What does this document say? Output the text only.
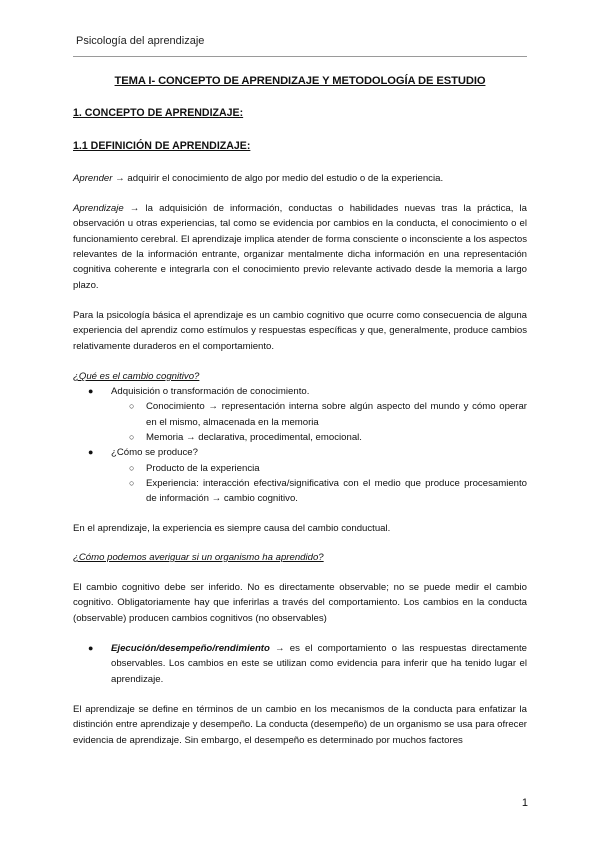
Psicología del aprendizaje
TEMA I- CONCEPTO DE APRENDIZAJE Y METODOLOGÍA DE ESTUDIO
1. CONCEPTO DE APRENDIZAJE:
1.1 DEFINICIÓN DE APRENDIZAJE:

Aprender → adquirir el conocimiento de algo por medio del estudio o de la experiencia.

Aprendizaje → la adquisición de información, conductas o habilidades nuevas tras la práctica, la observación u otras experiencias, tal como se evidencia por cambios en la conducta, el conocimiento o el funcionamiento cerebral. El aprendizaje implica atender de forma consciente o inconsciente a los aspectos relevantes de la información entrante, organizar mentalmente dicha información en una representación cognitiva coherente e integrarla con el conocimiento previo relevante activado desde la memoria a largo plazo.

Para la psicología básica el aprendizaje es un cambio cognitivo que ocurre como consecuencia de alguna experiencia del aprendiz como estímulos y respuestas específicas y que, generalmente, produce cambios relativamente duraderos en el comportamiento.

¿Qué es el cambio cognitivo?

● Adquisición o transformación de conocimiento.
○ Conocimiento → representación interna sobre algún aspecto del mundo y cómo operar en el mismo, almacenada en la memoria
○ Memoria → declarativa, procedimental, emocional.
● ¿Cómo se produce?
○ Producto de la experiencia
○ Experiencia: interacción efectiva/significativa con el medio que produce procesamiento de información → cambio cognitivo.

En el aprendizaje, la experiencia es siempre causa del cambio conductual.

¿Cómo podemos averiguar si un organismo ha aprendido?

El cambio cognitivo debe ser inferido. No es directamente observable; no se puede medir el cambio cognitivo. Obligatoriamente hay que inferirlas a través del comportamiento. Los cambios en la conducta (observable) producen cambios cognitivos (no observables)

● Ejecución/desempeño/rendimiento → es el comportamiento o las respuestas directamente observables. Los cambios en este se utilizan como evidencia para inferir que ha tenido lugar el aprendizaje.

El aprendizaje se define en términos de un cambio en los mecanismos de la conducta para enfatizar la distinción entre aprendizaje y desempeño. La conducta (desempeño) de un organismo se usa para ofrecer evidencia de aprendizaje. Sin embargo, el desempeño es determinado por muchos factores

1
